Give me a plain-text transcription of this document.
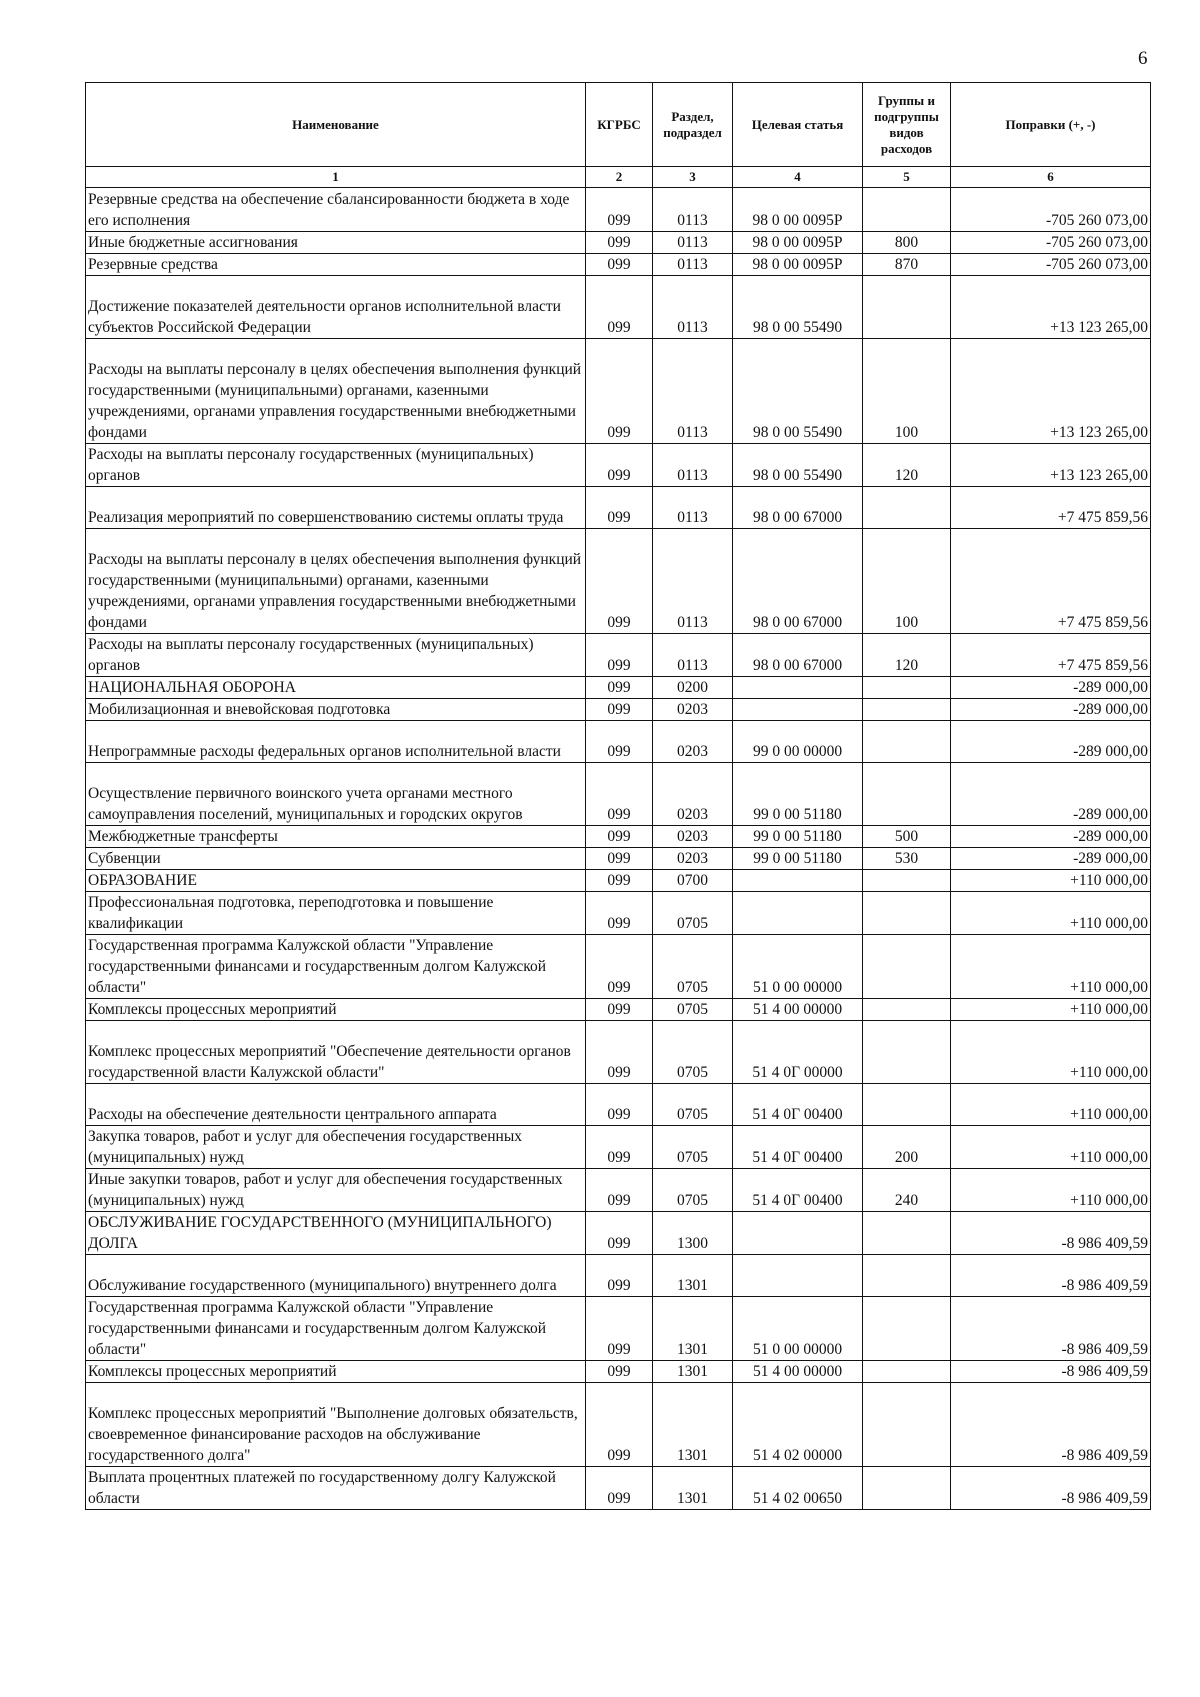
6
Наименование	КГРБС	Раздел, подраздел	Целевая статья	Группы и подгруппы видов расходов	Поправки (+, -)
1	2	3	4	5	6
Резервные средства на обеспечение сбалансированности бюджета в ходе его исполнения	099	0113	98 0 00 0095Р		-705 260 073,00
Иные бюджетные ассигнования	099	0113	98 0 00 0095Р	800	-705 260 073,00
Резервные средства	099	0113	98 0 00 0095Р	870	-705 260 073,00
Достижение показателей деятельности органов исполнительной власти субъектов Российской Федерации	099	0113	98 0 00 55490		+13 123 265,00
Расходы на выплаты персоналу в целях обеспечения выполнения функций государственными (муниципальными) органами, казенными учреждениями, органами управления государственными внебюджетными фондами	099	0113	98 0 00 55490	100	+13 123 265,00
Расходы на выплаты персоналу государственных (муниципальных) органов	099	0113	98 0 00 55490	120	+13 123 265,00
Реализация мероприятий по совершенствованию системы оплаты труда	099	0113	98 0 00 67000		+7 475 859,56
Расходы на выплаты персоналу в целях обеспечения выполнения функций государственными (муниципальными) органами, казенными учреждениями, органами управления государственными внебюджетными фондами	099	0113	98 0 00 67000	100	+7 475 859,56
Расходы на выплаты персоналу государственных (муниципальных) органов	099	0113	98 0 00 67000	120	+7 475 859,56
НАЦИОНАЛЬНАЯ ОБОРОНА	099	0200			-289 000,00
Мобилизационная и вневойсковая подготовка	099	0203			-289 000,00
Непрограммные расходы федеральных органов исполнительной власти	099	0203	99 0 00 00000		-289 000,00
Осуществление первичного воинского учета органами местного самоуправления поселений, муниципальных и городских округов	099	0203	99 0 00 51180		-289 000,00
Межбюджетные трансферты	099	0203	99 0 00 51180	500	-289 000,00
Субвенции	099	0203	99 0 00 51180	530	-289 000,00
ОБРАЗОВАНИЕ	099	0700			+110 000,00
Профессиональная подготовка, переподготовка и повышение квалификации	099	0705			+110 000,00
Государственная программа Калужской области "Управление государственными финансами и государственным долгом Калужской области"	099	0705	51 0 00 00000		+110 000,00
Комплексы процессных мероприятий	099	0705	51 4 00 00000		+110 000,00
Комплекс процессных мероприятий "Обеспечение деятельности органов государственной власти Калужской области"	099	0705	51 4 0Г 00000		+110 000,00
Расходы на обеспечение деятельности центрального аппарата	099	0705	51 4 0Г 00400		+110 000,00
Закупка товаров, работ и услуг для обеспечения государственных (муниципальных) нужд	099	0705	51 4 0Г 00400	200	+110 000,00
Иные закупки товаров, работ и услуг для обеспечения государственных (муниципальных) нужд	099	0705	51 4 0Г 00400	240	+110 000,00
ОБСЛУЖИВАНИЕ ГОСУДАРСТВЕННОГО (МУНИЦИПАЛЬНОГО) ДОЛГА	099	1300			-8 986 409,59
Обслуживание государственного (муниципального) внутреннего долга	099	1301			-8 986 409,59
Государственная программа Калужской области "Управление государственными финансами и государственным долгом Калужской области"	099	1301	51 0 00 00000		-8 986 409,59
Комплексы процессных мероприятий	099	1301	51 4 00 00000		-8 986 409,59
Комплекс процессных мероприятий "Выполнение долговых обязательств, своевременное финансирование расходов на обслуживание государственного долга"	099	1301	51 4 02 00000		-8 986 409,59
Выплата процентных платежей по государственному долгу Калужской области	099	1301	51 4 02 00650		-8 986 409,59
